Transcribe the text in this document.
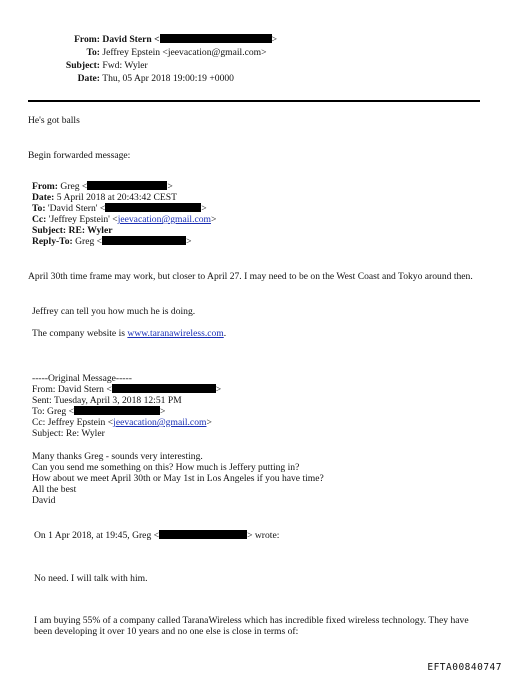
From: David Stern <	>
To: Jeffrey Epstein <jeevacation@gmail.com>
Subject: Fwd: Wyler
Date: Thu, 05 Apr 2018 19:00:19 +0000
He's got balls
Begin forwarded message:
From: Greg <	>
Date: 5 April 2018 at 20:43:42 CEST
To: 'David Stern' <	>
Cc: 'Jeffrey Epstein' <jeevacation@gmail.com>
Subject: RE: Wyler
Reply-To: Greg <	>
April 30th time frame may work, but closer to April 27. I may need to be on the West Coast and Tokyo around then.
Jeffrey can tell you how much he is doing.
The company website is www.taranawireless.com.
-----Original Message-----
From: David Stern <	>
Sent: Tuesday, April 3, 2018 12:51 PM
To: Greg <	>
Cc: Jeffrey Epstein <jeevacation@gmail.com>
Subject: Re: Wyler
Many thanks Greg - sounds very interesting.
Can you send me something on this? How much is Jeffery putting in?
How about we meet April 30th or May 1st in Los Angeles if you have time?
All the best
David
On 1 Apr 2018, at 19:45, Greg <	> wrote:
No need. I will talk with him.
I am buying 55% of a company called TaranaWireless which has incredible fixed wireless technology. They have been developing it over 10 years and no one else is close in terms of:
EFTA00840747
